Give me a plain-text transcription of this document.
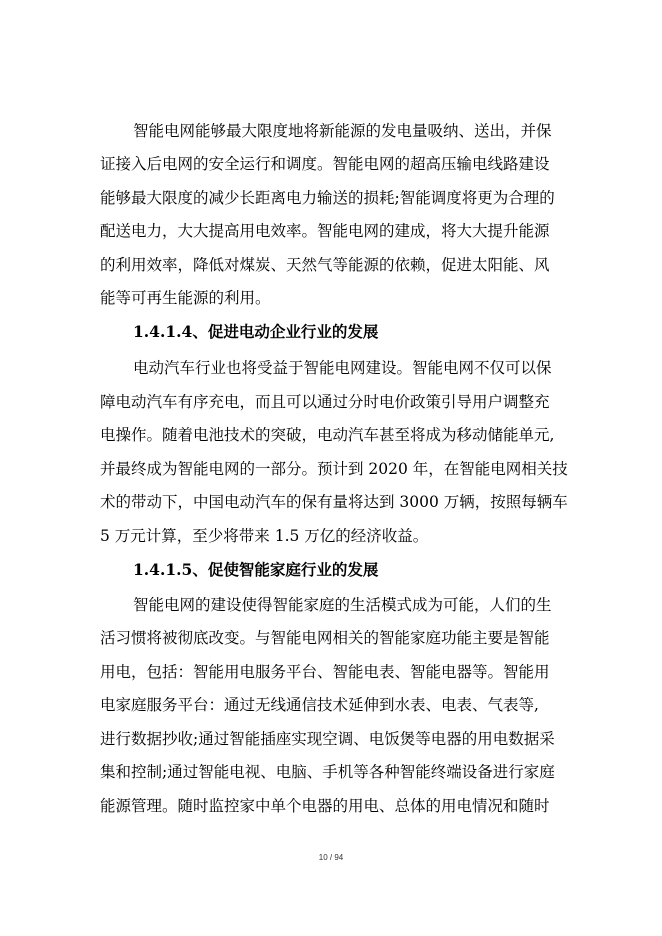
智能电网能够最大限度地将新能源的发电量吸纳、送出，并保
证接入后电网的安全运行和调度。智能电网的超高压输电线路建设
能够最大限度的减少长距离电力输送的损耗;智能调度将更为合理的
配送电力，大大提高用电效率。智能电网的建成，将大大提升能源
的利用效率，降低对煤炭、天然气等能源的依赖，促进太阳能、风
能等可再生能源的利用。
1.4.1.4、促进电动企业行业的发展
电动汽车行业也将受益于智能电网建设。智能电网不仅可以保
障电动汽车有序充电，而且可以通过分时电价政策引导用户调整充
电操作。随着电池技术的突破，电动汽车甚至将成为移动储能单元,
并最终成为智能电网的一部分。预计到 2020 年，在智能电网相关技
术的带动下，中国电动汽车的保有量将达到 3000 万辆，按照每辆车
5 万元计算，至少将带来 1.5 万亿的经济收益。
1.4.1.5、促使智能家庭行业的发展
智能电网的建设使得智能家庭的生活模式成为可能，人们的生
活习惯将被彻底改变。与智能电网相关的智能家庭功能主要是智能
用电，包括：智能用电服务平台、智能电表、智能电器等。智能用
电家庭服务平台：通过无线通信技术延伸到水表、电表、气表等,
进行数据抄收;通过智能插座实现空调、电饭煲等电器的用电数据采
集和控制;通过智能电视、电脑、手机等各种智能终端设备进行家庭
能源管理。随时监控家中单个电器的用电、总体的用电情况和随时
10 / 94
